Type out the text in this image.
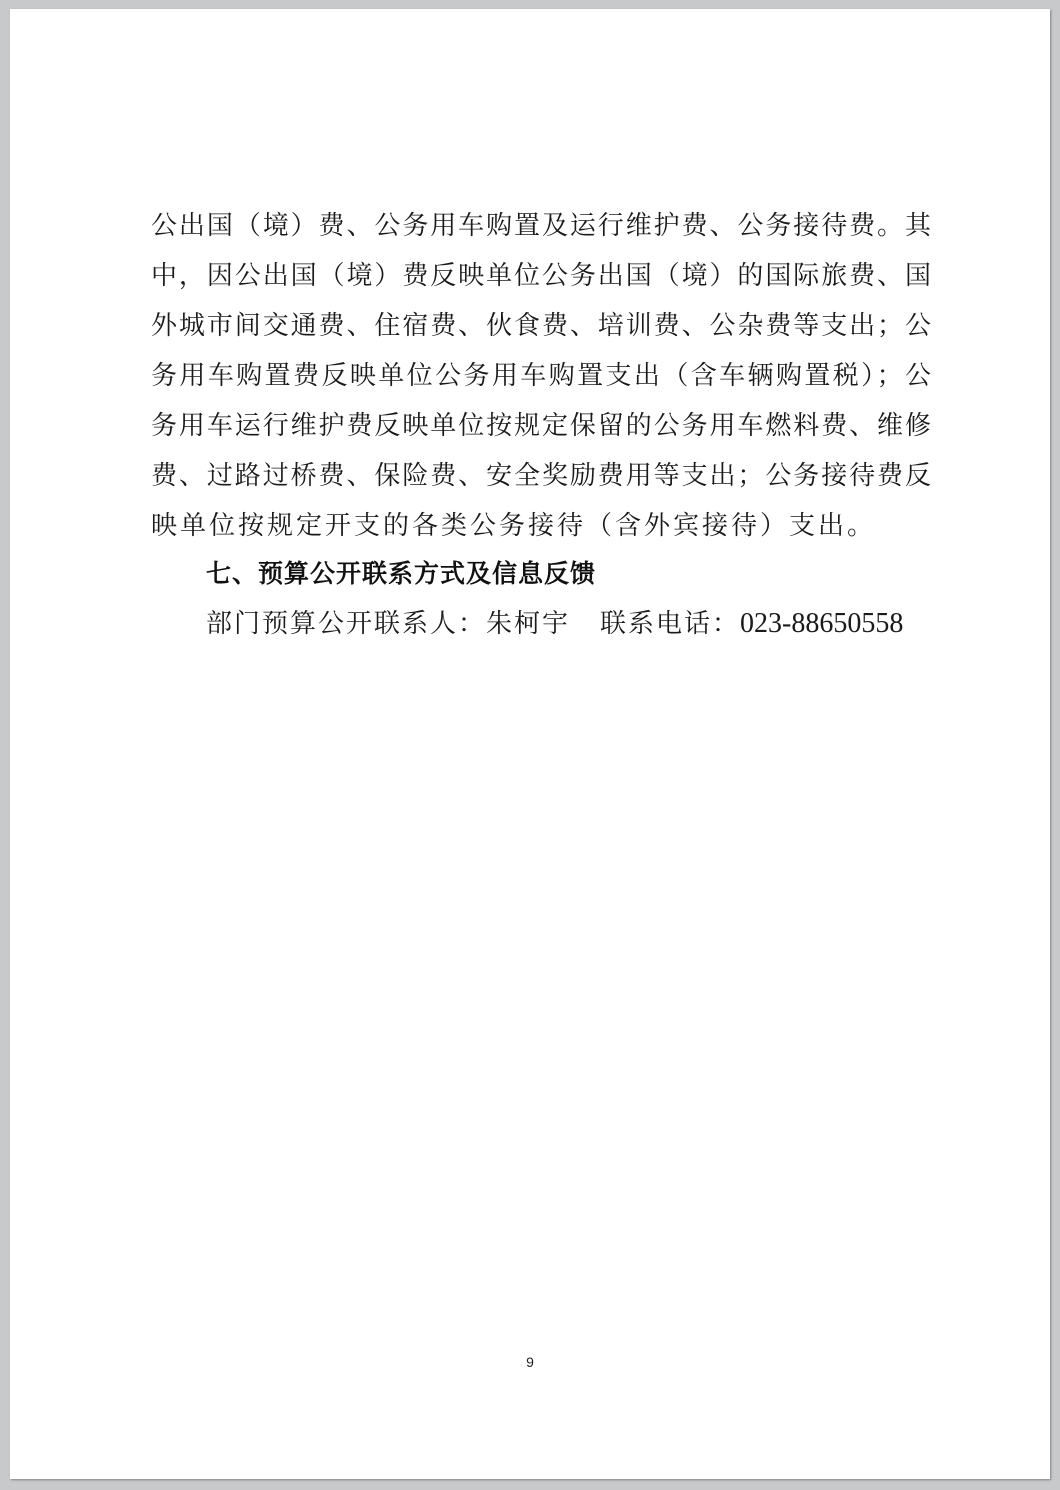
公出国（境）费、公务用车购置及运行维护费、公务接待费。其
中，因公出国（境）费反映单位公务出国（境）的国际旅费、国
外城市间交通费、住宿费、伙食费、培训费、公杂费等支出；公
务用车购置费反映单位公务用车购置支出（含车辆购置税）；公
务用车运行维护费反映单位按规定保留的公务用车燃料费、维修
费、过路过桥费、保险费、安全奖励费用等支出；公务接待费反
映单位按规定开支的各类公务接待（含外宾接待）支出。
七、预算公开联系方式及信息反馈

部门预算公开联系人：朱柯宇 联系电话：023-88650558

9
